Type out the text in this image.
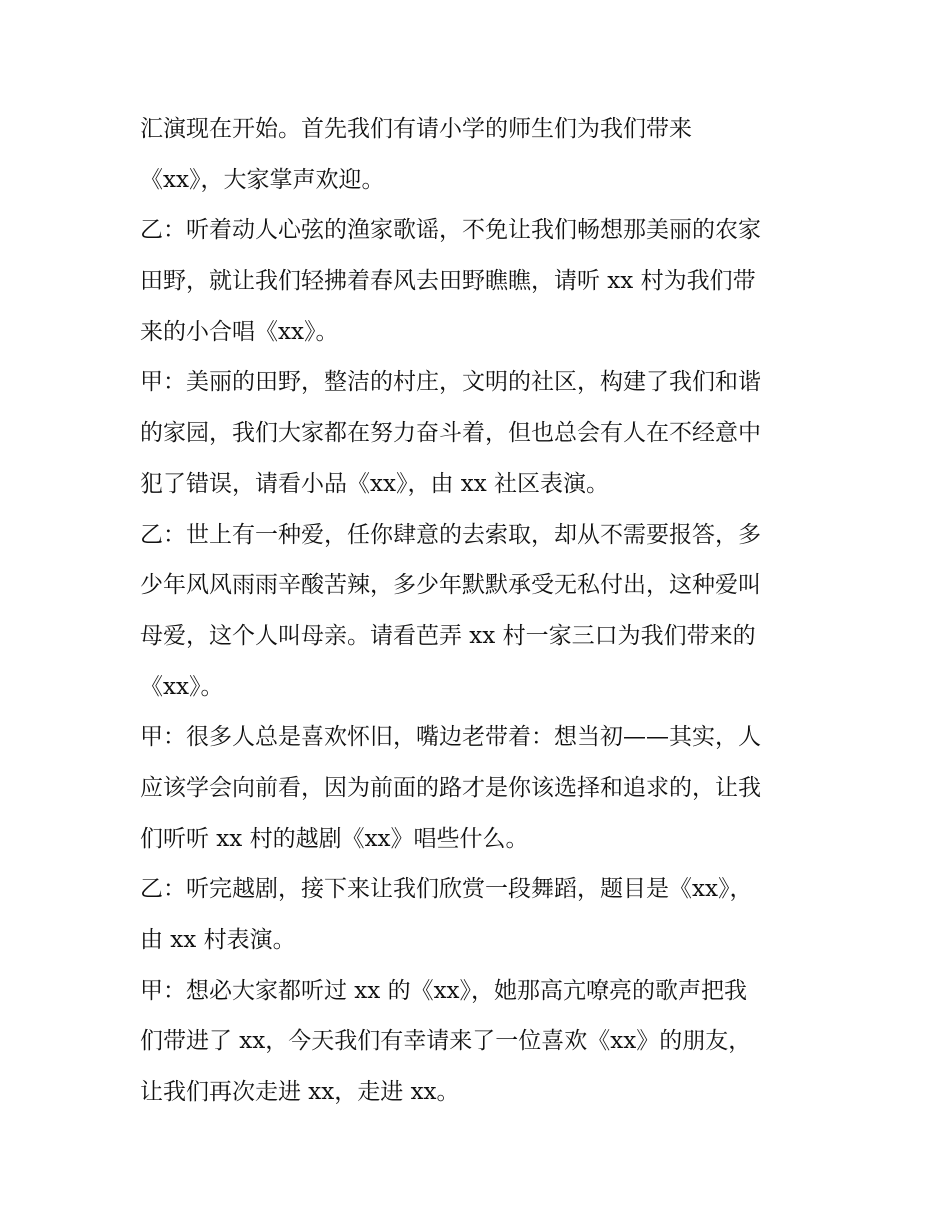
汇演现在开始。首先我们有请小学的师生们为我们带来
《xx》，大家掌声欢迎。
乙：听着动人心弦的渔家歌谣，不免让我们畅想那美丽的农家
田野，就让我们轻拂着春风去田野瞧瞧，请听 xx 村为我们带
来的小合唱《xx》。
甲：美丽的田野，整洁的村庄，文明的社区，构建了我们和谐
的家园，我们大家都在努力奋斗着，但也总会有人在不经意中
犯了错误，请看小品《xx》，由 xx 社区表演。
乙：世上有一种爱，任你肆意的去索取，却从不需要报答，多
少年风风雨雨辛酸苦辣，多少年默默承受无私付出，这种爱叫
母爱，这个人叫母亲。请看芭弄 xx 村一家三口为我们带来的
《xx》。
甲：很多人总是喜欢怀旧，嘴边老带着：想当初——其实，人
应该学会向前看，因为前面的路才是你该选择和追求的，让我
们听听 xx 村的越剧《xx》唱些什么。
乙：听完越剧，接下来让我们欣赏一段舞蹈，题目是《xx》，
由 xx 村表演。
甲：想必大家都听过 xx 的《xx》，她那高亢嘹亮的歌声把我
们带进了 xx，今天我们有幸请来了一位喜欢《xx》的朋友，
让我们再次走进 xx，走进 xx。
